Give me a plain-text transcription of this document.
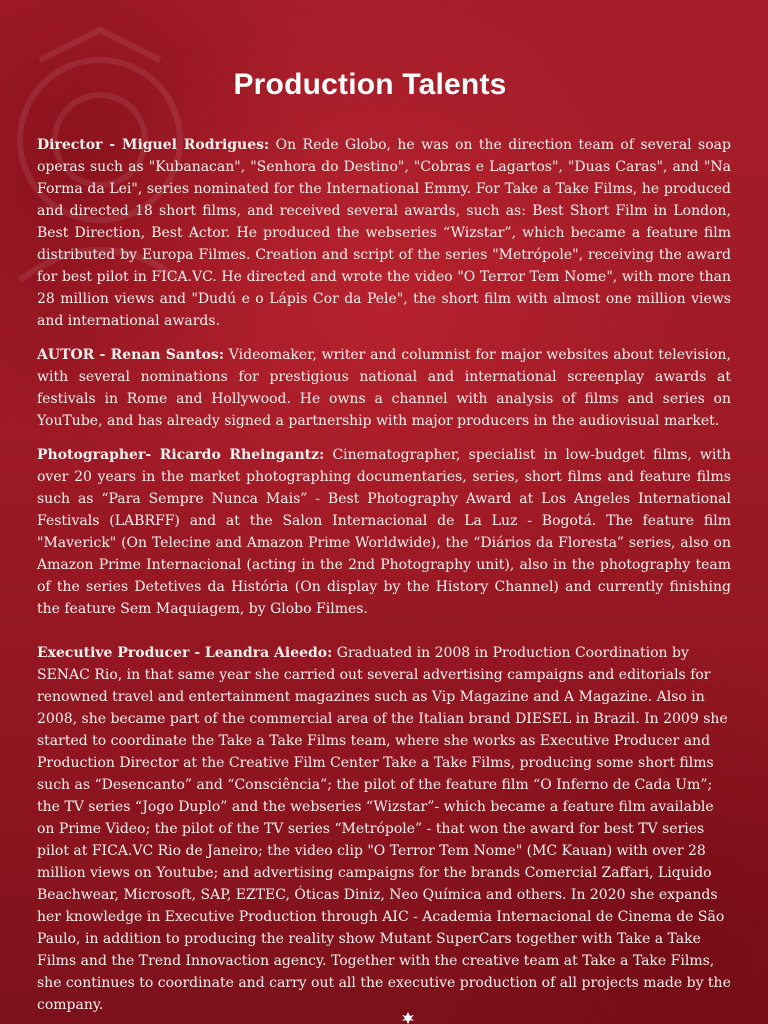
Production Talents

Director - Miguel Rodrigues: On Rede Globo, he was on the direction team of several soap operas such as "Kubanacan", "Senhora do Destino", "Cobras e Lagartos", "Duas Caras", and "Na Forma da Lei", series nominated for the International Emmy. For Take a Take Films, he produced and directed 18 short films, and received several awards, such as: Best Short Film in London, Best Direction, Best Actor. He produced the webseries “Wizstar”, which became a feature film distributed by Europa Filmes. Creation and script of the series "Metrópole", receiving the award for best pilot in FICA.VC. He directed and wrote the video "O Terror Tem Nome", with more than 28 million views and "Dudú e o Lápis Cor da Pele", the short film with almost one million views and international awards.

AUTOR - Renan Santos: Videomaker, writer and columnist for major websites about television, with several nominations for prestigious national and international screenplay awards at festivals in Rome and Hollywood. He owns a channel with analysis of films and series on YouTube, and has already signed a partnership with major producers in the audiovisual market.

Photographer- Ricardo Rheingantz: Cinematographer, specialist in low-budget films, with over 20 years in the market photographing documentaries, series, short films and feature films such as “Para Sempre Nunca Mais” - Best Photography Award at Los Angeles International Festivals (LABRFF) and at the Salon Internacional de La Luz - Bogotá. The feature film "Maverick" (On Telecine and Amazon Prime Worldwide), the “Diários da Floresta” series, also on Amazon Prime Internacional (acting in the 2nd Photography unit), also in the photography team of the series Detetives da História (On display by the History Channel) and currently finishing the feature Sem Maquiagem, by Globo Filmes.

Executive Producer - Leandra Aieedo: Graduated in 2008 in Production Coordination by SENAC Rio, in that same year she carried out several advertising campaigns and editorials for renowned travel and entertainment magazines such as Vip Magazine and A Magazine. Also in 2008, she became part of the commercial area of the Italian brand DIESEL in Brazil. In 2009 she started to coordinate the Take a Take Films team, where she works as Executive Producer and Production Director at the Creative Film Center Take a Take Films, producing some short films such as “Desencanto” and “Consciência”; the pilot of the feature film “O Inferno de Cada Um”; the TV series “Jogo Duplo” and the webseries “Wizstar”- which became a feature film available on Prime Video; the pilot of the TV series “Metrópole” - that won the award for best TV series pilot at FICA.VC Rio de Janeiro; the video clip "O Terror Tem Nome" (MC Kauan) with over 28 million views on Youtube; and advertising campaigns for the brands Comercial Zaffari, Liquido Beachwear, Microsoft, SAP, EZTEC, Óticas Diniz, Neo Química and others. In 2020 she expands her knowledge in Executive Production through AIC - Academia Internacional de Cinema de São Paulo, in addition to producing the reality show Mutant SuperCars together with Take a Take Films and the Trend Innovaction agency. Together with the creative team at Take a Take Films, she continues to coordinate and carry out all the executive production of all projects made by the company.
